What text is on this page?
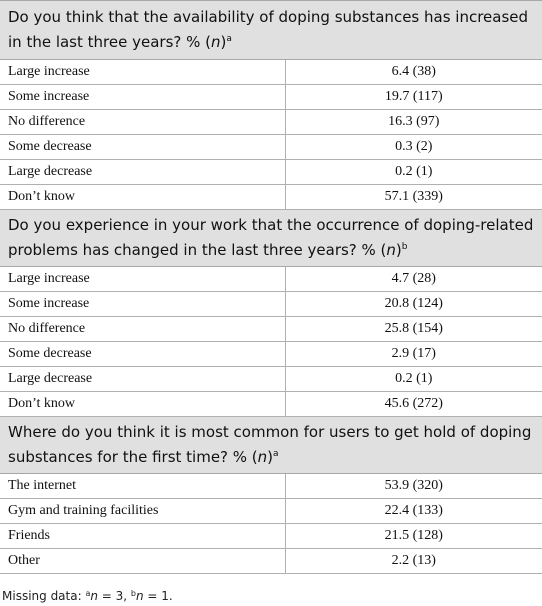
Do you think that the availability of doping substances has increased in the last three years? % $(n)^a$
Large increase	6.4 (38)
Some increase	19.7 (117)
No difference	16.3 (97)
Some decrease	0.3 (2)
Large decrease	0.2 (1)
Don’t know	57.1 (339)
Do you experience in your work that the occurrence of doping-related problems has changed in the last three years? % $(n)^b$
Large increase	4.7 (28)
Some increase	20.8 (124)
No difference	25.8 (154)
Some decrease	2.9 (17)
Large decrease	0.2 (1)
Don’t know	45.6 (272)
Where do you think it is most common for users to get hold of doping substances for the first time? % $(n)^a$
The internet	53.9 (320)
Gym and training facilities	22.4 (133)
Friends	21.5 (128)
Other	2.2 (13)
Missing data: $^a$n = 3, $^b$n = 1.
